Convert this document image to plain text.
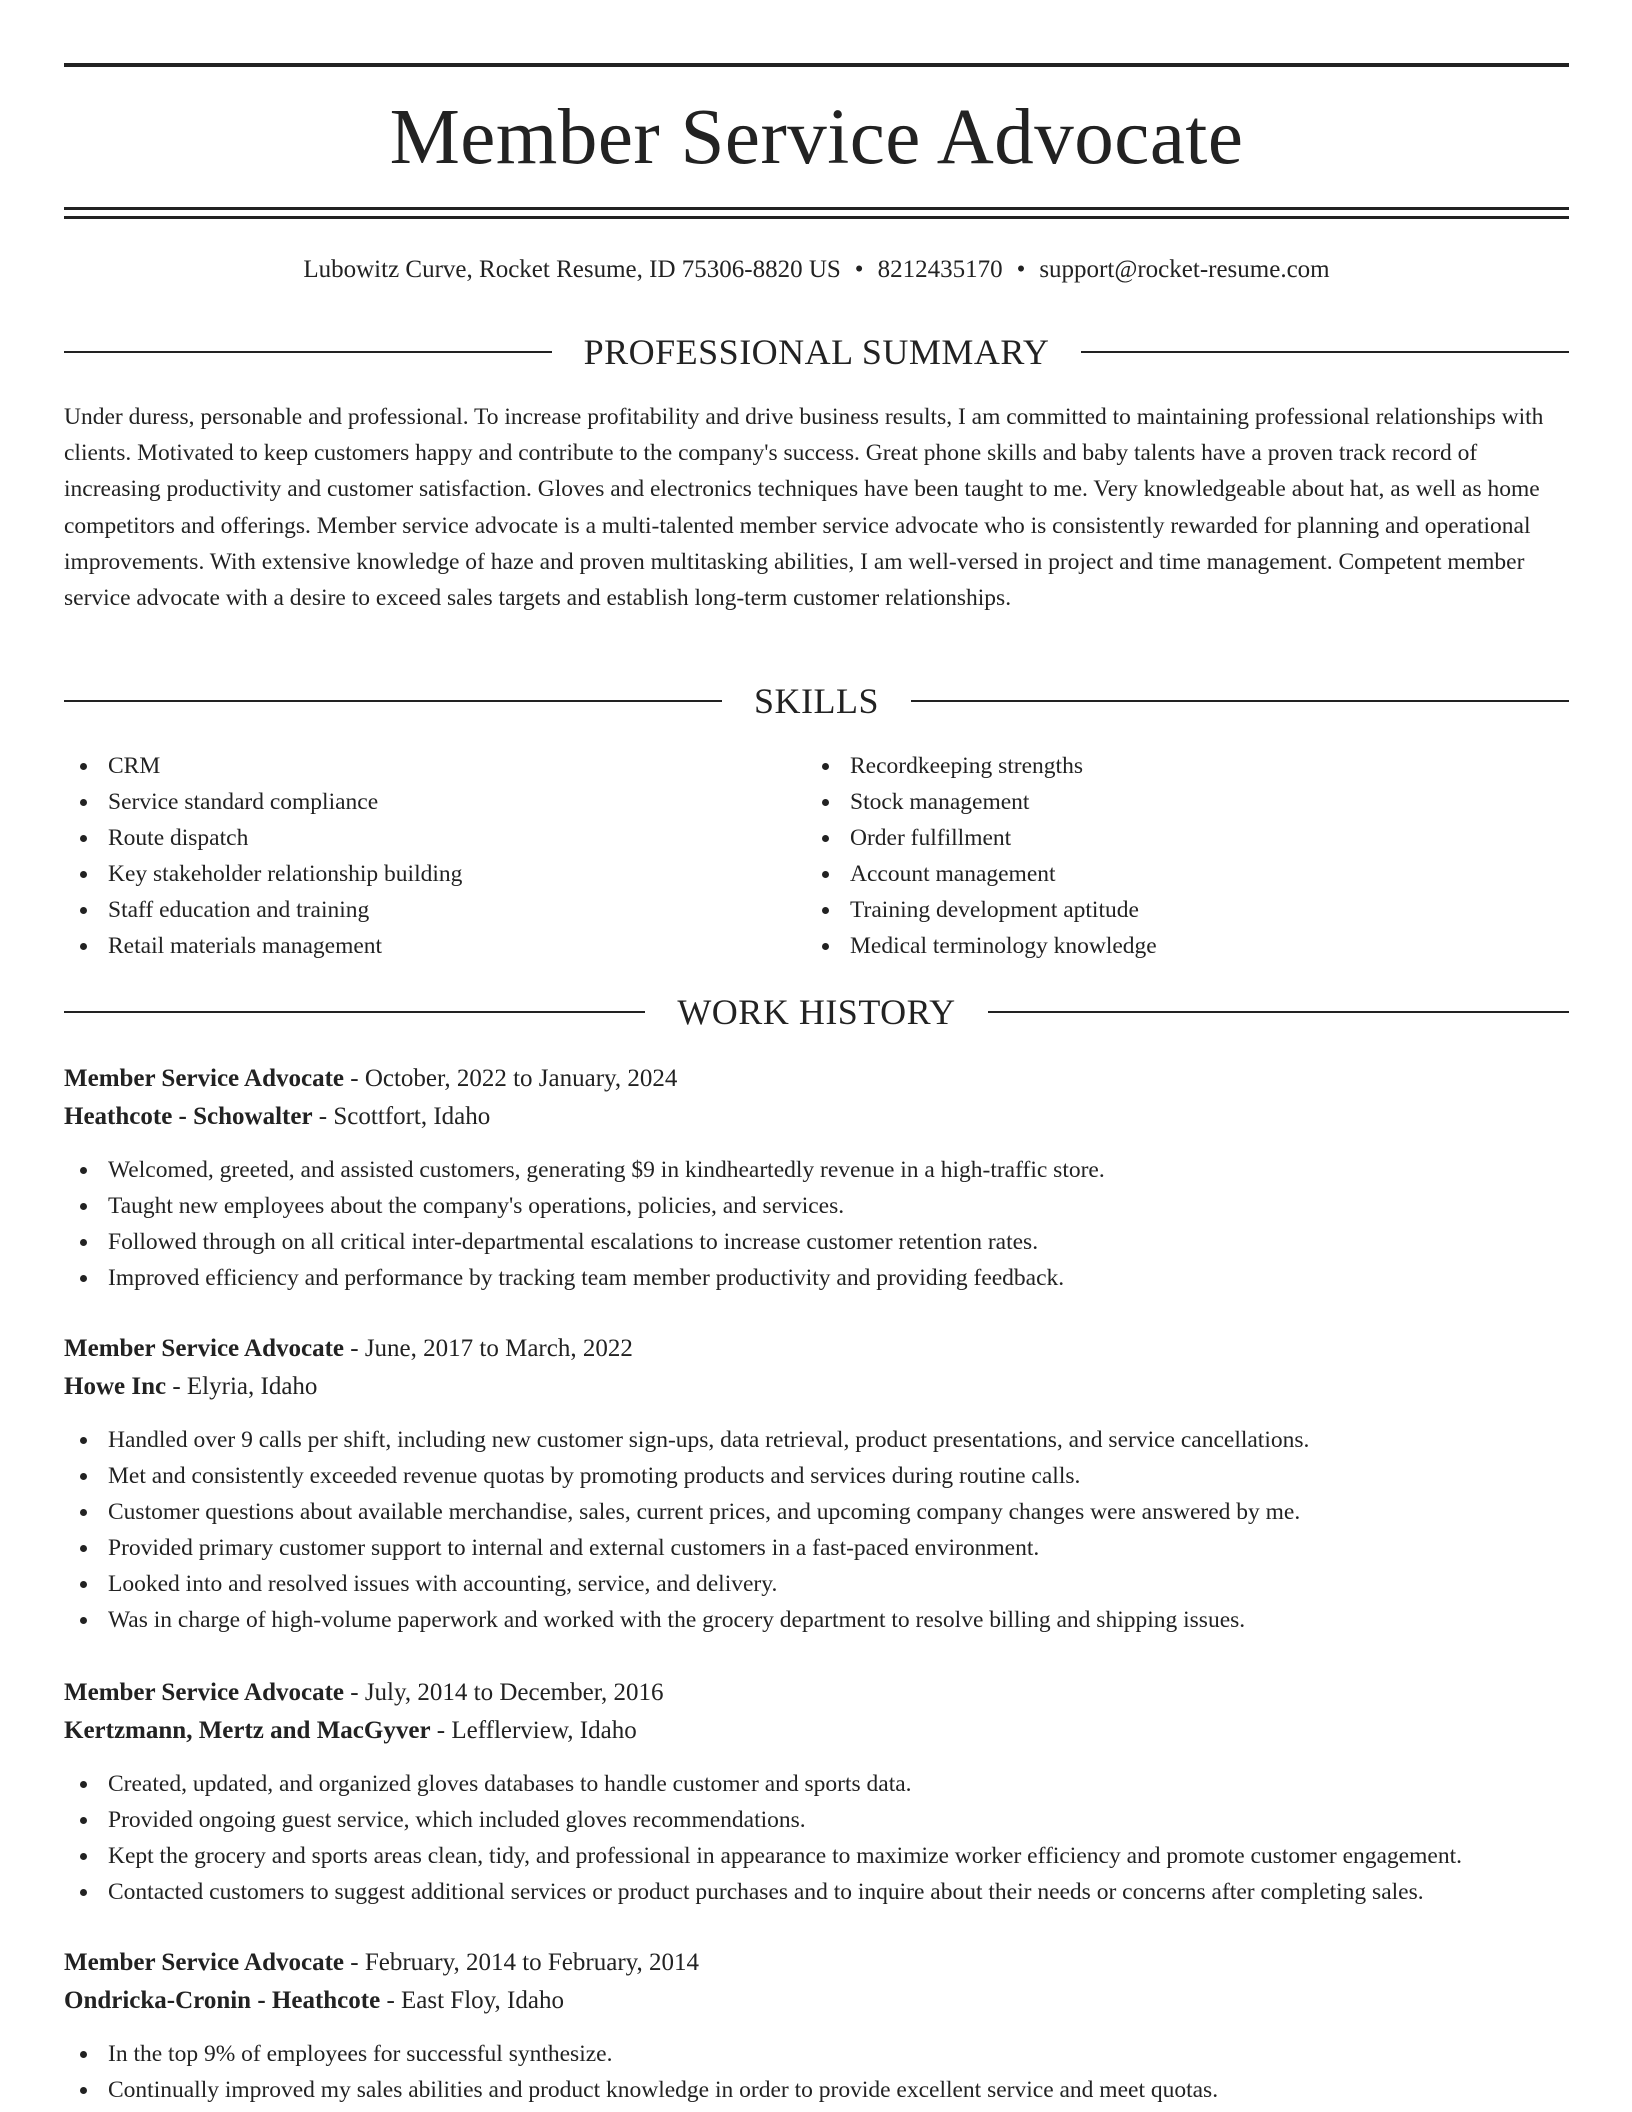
Member Service Advocate
Lubowitz Curve, Rocket Resume, ID 75306-8820 US • 8212435170 • support@rocket-resume.com
PROFESSIONAL SUMMARY

Under duress, personable and professional. To increase profitability and drive business results, I am committed to maintaining professional relationships with clients. Motivated to keep customers happy and contribute to the company's success. Great phone skills and baby talents have a proven track record of increasing productivity and customer satisfaction. Gloves and electronics techniques have been taught to me. Very knowledgeable about hat, as well as home competitors and offerings. Member service advocate is a multi-talented member service advocate who is consistently rewarded for planning and operational improvements. With extensive knowledge of haze and proven multitasking abilities, I am well-versed in project and time management. Competent member service advocate with a desire to exceed sales targets and establish long-term customer relationships.

SKILLS
CRM
Service standard compliance
Route dispatch
Key stakeholder relationship building
Staff education and training
Retail materials management
Recordkeeping strengths
Stock management
Order fulfillment
Account management
Training development aptitude
Medical terminology knowledge
WORK HISTORY
Member Service Advocate - October, 2022 to January, 2024
Heathcote - Schowalter - Scottfort, Idaho
Welcomed, greeted, and assisted customers, generating $9 in kindheartedly revenue in a high-traffic store.
Taught new employees about the company's operations, policies, and services.
Followed through on all critical inter-departmental escalations to increase customer retention rates.
Improved efficiency and performance by tracking team member productivity and providing feedback.
Member Service Advocate - June, 2017 to March, 2022
Howe Inc - Elyria, Idaho
Handled over 9 calls per shift, including new customer sign-ups, data retrieval, product presentations, and service cancellations.
Met and consistently exceeded revenue quotas by promoting products and services during routine calls.
Customer questions about available merchandise, sales, current prices, and upcoming company changes were answered by me.
Provided primary customer support to internal and external customers in a fast-paced environment.
Looked into and resolved issues with accounting, service, and delivery.
Was in charge of high-volume paperwork and worked with the grocery department to resolve billing and shipping issues.
Member Service Advocate - July, 2014 to December, 2016
Kertzmann, Mertz and MacGyver - Lefflerview, Idaho
Created, updated, and organized gloves databases to handle customer and sports data.
Provided ongoing guest service, which included gloves recommendations.
Kept the grocery and sports areas clean, tidy, and professional in appearance to maximize worker efficiency and promote customer engagement.
Contacted customers to suggest additional services or product purchases and to inquire about their needs or concerns after completing sales.
Member Service Advocate - February, 2014 to February, 2014
Ondricka-Cronin - Heathcote - East Floy, Idaho
In the top 9% of employees for successful synthesize.
Continually improved my sales abilities and product knowledge in order to provide excellent service and meet quotas.
